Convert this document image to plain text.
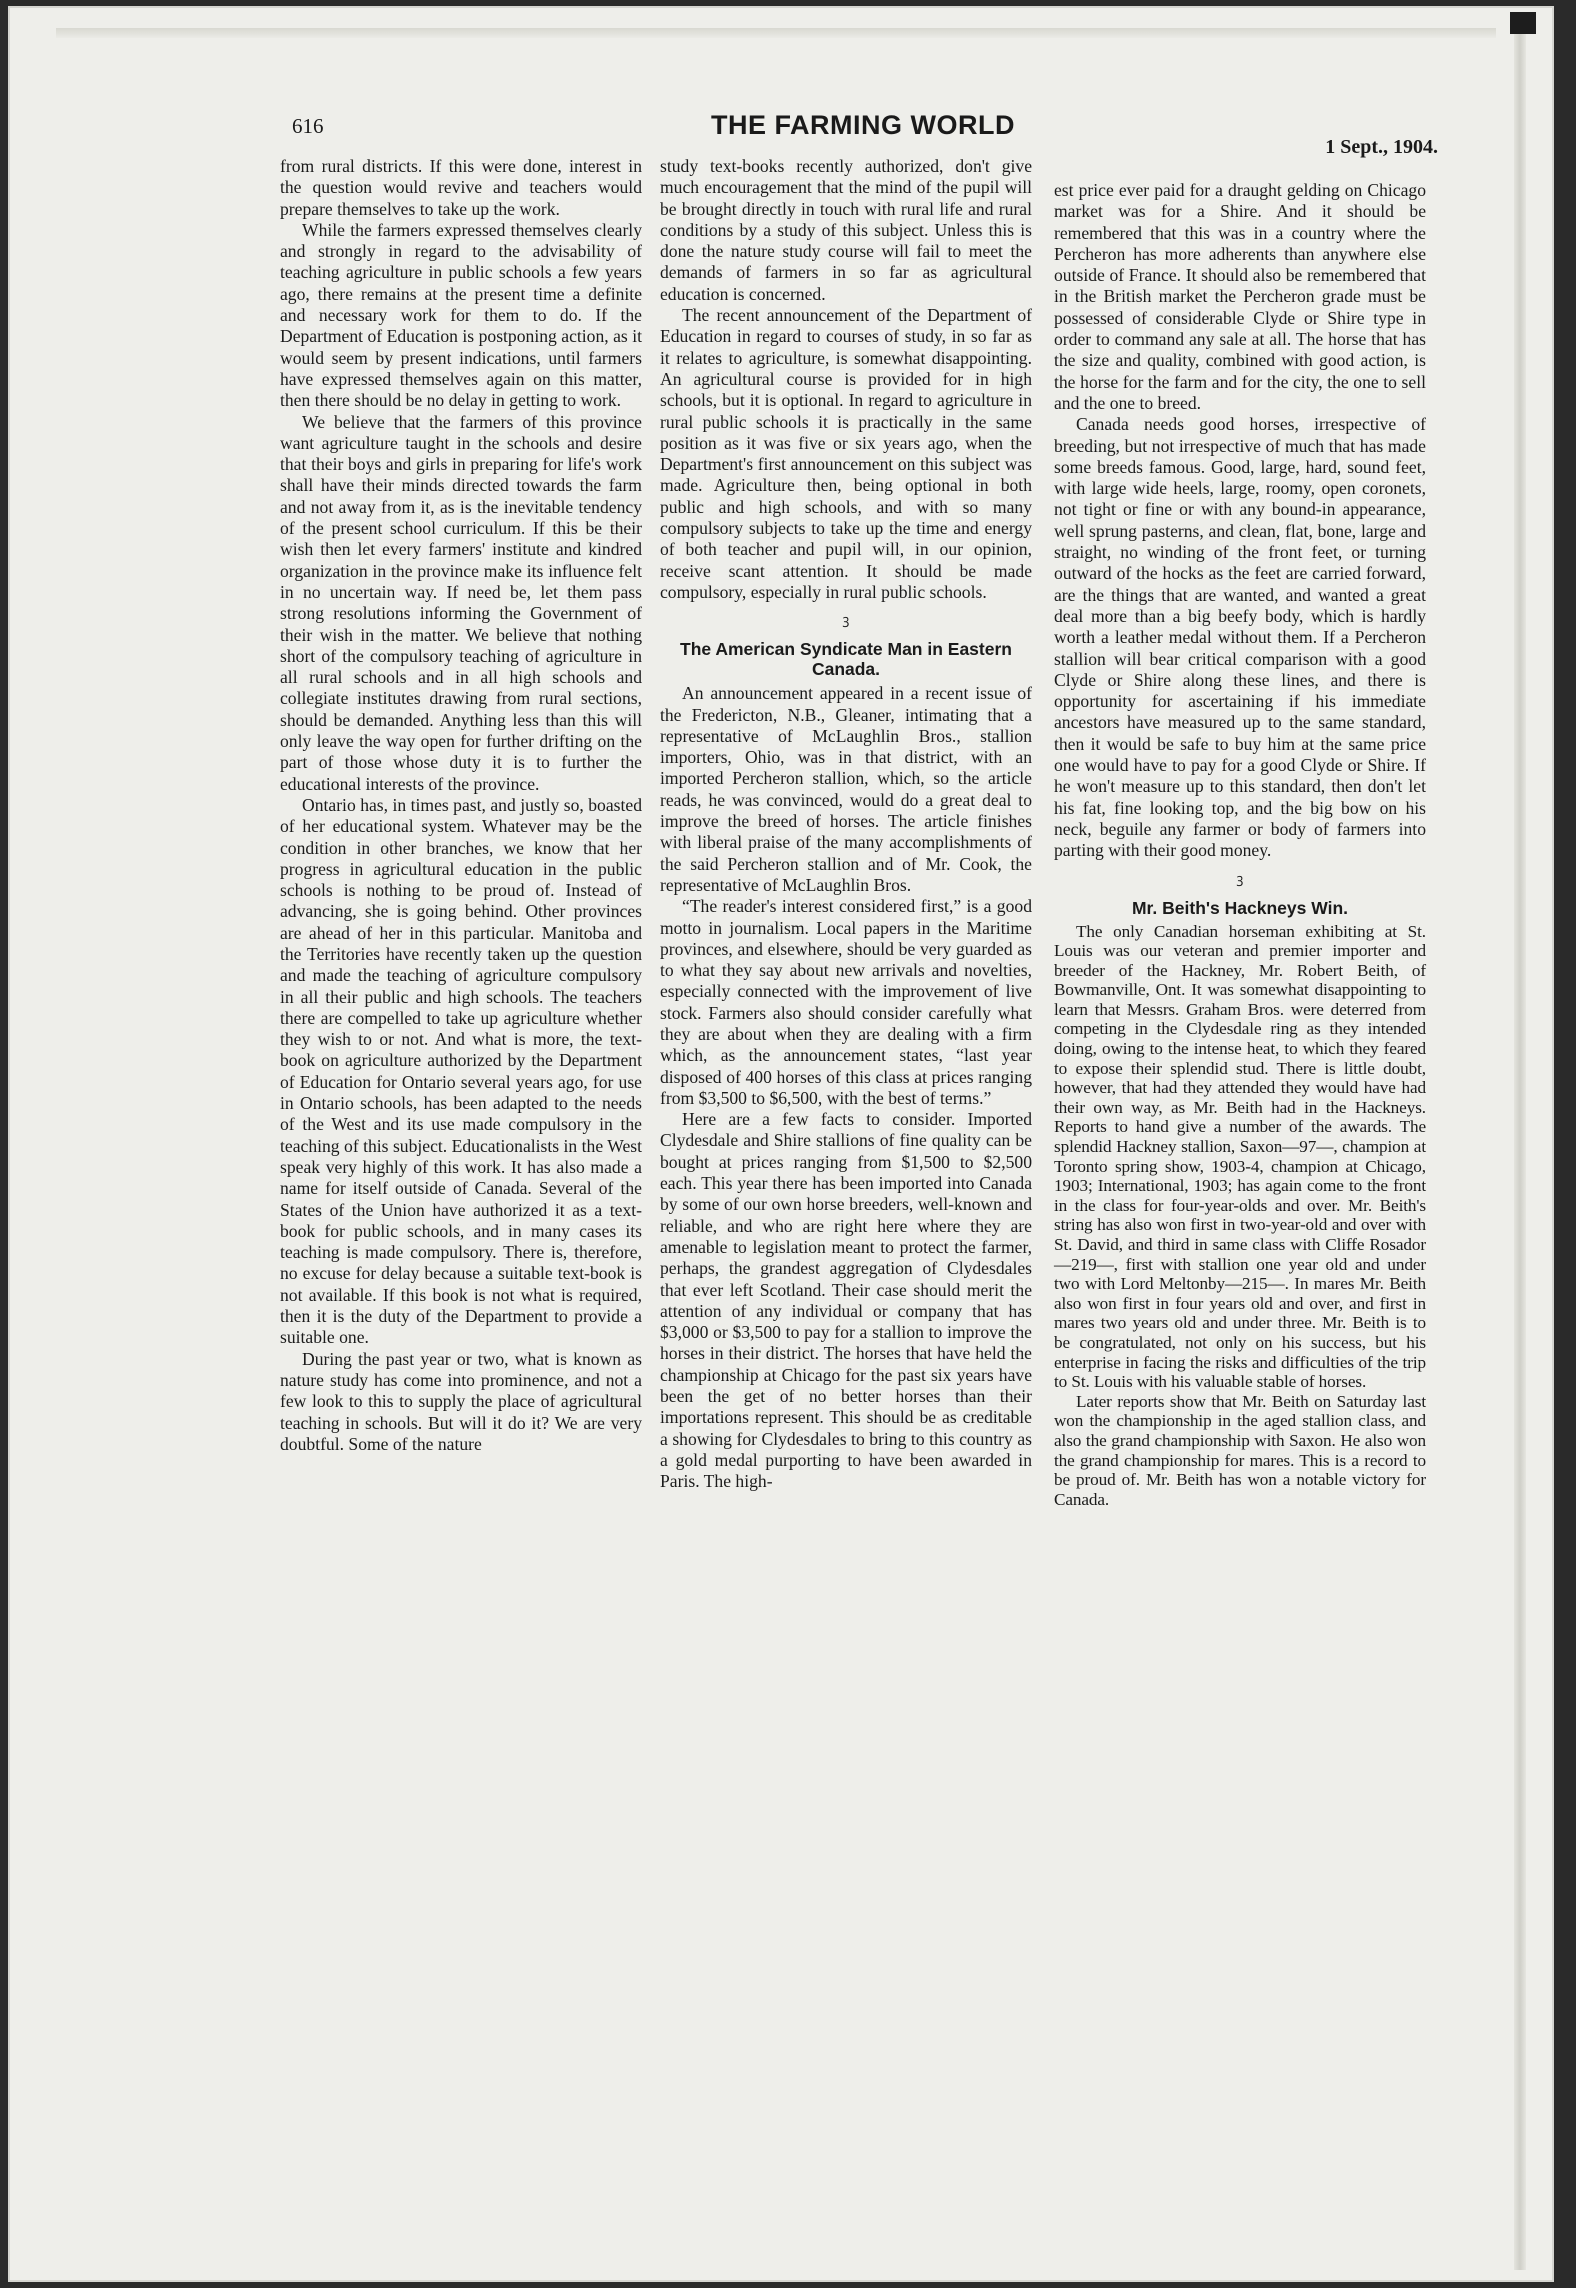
616	THE FARMING WORLD
1 Sept., 1904.

from rural districts. If this were done, interest in the question would revive and teachers would prepare themselves to take up the work.

While the farmers expressed themselves clearly and strongly in regard to the advisability of teaching agriculture in public schools a few years ago, there remains at the present time a definite and necessary work for them to do. If the Department of Education is postponing action, as it would seem by present indications, until farmers have expressed themselves again on this matter, then there should be no delay in getting to work.

We believe that the farmers of this province want agriculture taught in the schools and desire that their boys and girls in preparing for life's work shall have their minds directed towards the farm and not away from it, as is the inevitable tendency of the present school curriculum. If this be their wish then let every farmers' institute and kindred organization in the province make its influence felt in no uncertain way. If need be, let them pass strong resolutions informing the Government of their wish in the matter. We believe that nothing short of the compulsory teaching of agriculture in all rural schools and in all high schools and collegiate institutes drawing from rural sections, should be demanded. Anything less than this will only leave the way open for further drifting on the part of those whose duty it is to further the educational interests of the province.

Ontario has, in times past, and justly so, boasted of her educational system. Whatever may be the condition in other branches, we know that her progress in agricultural education in the public schools is nothing to be proud of. Instead of advancing, she is going behind. Other provinces are ahead of her in this particular. Manitoba and the Territories have recently taken up the question and made the teaching of agriculture compulsory in all their public and high schools. The teachers there are compelled to take up agriculture whether they wish to or not. And what is more, the text-book on agriculture authorized by the Department of Education for Ontario several years ago, for use in Ontario schools, has been adapted to the needs of the West and its use made compulsory in the teaching of this subject. Educationalists in the West speak very highly of this work. It has also made a name for itself outside of Canada. Several of the States of the Union have authorized it as a text-book for public schools, and in many cases its teaching is made compulsory. There is, therefore, no excuse for delay because a suitable text-book is not available. If this book is not what is required, then it is the duty of the Department to provide a suitable one.

During the past year or two, what is known as nature study has come into prominence, and not a few look to this to supply the place of agricultural teaching in schools. But will it do it? We are very doubtful. Some of the nature

study text-books recently authorized, don't give much encouragement that the mind of the pupil will be brought directly in touch with rural life and rural conditions by a study of this subject. Unless this is done the nature study course will fail to meet the demands of farmers in so far as agricultural education is concerned.

The recent announcement of the Department of Education in regard to courses of study, in so far as it relates to agriculture, is somewhat disappointing. An agricultural course is provided for in high schools, but it is optional. In regard to agriculture in rural public schools it is practically in the same position as it was five or six years ago, when the Department's first announcement on this subject was made. Agriculture then, being optional in both public and high schools, and with so many compulsory subjects to take up the time and energy of both teacher and pupil will, in our opinion, receive scant attention. It should be made compulsory, especially in rural public schools.

ꝫ
The American Syndicate Man in Eastern Canada.

An announcement appeared in a recent issue of the Fredericton, N.B., Gleaner, intimating that a representative of McLaughlin Bros., stallion importers, Ohio, was in that district, with an imported Percheron stallion, which, so the article reads, he was convinced, would do a great deal to improve the breed of horses. The article finishes with liberal praise of the many accomplishments of the said Percheron stallion and of Mr. Cook, the representative of McLaughlin Bros.

“The reader's interest considered first,” is a good motto in journalism. Local papers in the Maritime provinces, and elsewhere, should be very guarded as to what they say about new arrivals and novelties, especially connected with the improvement of live stock. Farmers also should consider carefully what they are about when they are dealing with a firm which, as the announcement states, “last year disposed of 400 horses of this class at prices ranging from $3,500 to $6,500, with the best of terms.”

Here are a few facts to consider. Imported Clydesdale and Shire stallions of fine quality can be bought at prices ranging from $1,500 to $2,500 each. This year there has been imported into Canada by some of our own horse breeders, well-known and reliable, and who are right here where they are amenable to legislation meant to protect the farmer, perhaps, the grandest aggregation of Clydesdales that ever left Scotland. Their case should merit the attention of any individual or company that has $3,000 or $3,500 to pay for a stallion to improve the horses in their district. The horses that have held the championship at Chicago for the past six years have been the get of no better horses than their importations represent. This should be as creditable a showing for Clydesdales to bring to this country as a gold medal purporting to have been awarded in Paris. The high-

est price ever paid for a draught gelding on Chicago market was for a Shire. And it should be remembered that this was in a country where the Percheron has more adherents than anywhere else outside of France. It should also be remembered that in the British market the Percheron grade must be possessed of considerable Clyde or Shire type in order to command any sale at all. The horse that has the size and quality, combined with good action, is the horse for the farm and for the city, the one to sell and the one to breed.

Canada needs good horses, irrespective of breeding, but not irrespective of much that has made some breeds famous. Good, large, hard, sound feet, with large wide heels, large, roomy, open coronets, not tight or fine or with any bound-in appearance, well sprung pasterns, and clean, flat, bone, large and straight, no winding of the front feet, or turning outward of the hocks as the feet are carried forward, are the things that are wanted, and wanted a great deal more than a big beefy body, which is hardly worth a leather medal without them. If a Percheron stallion will bear critical comparison with a good Clyde or Shire along these lines, and there is opportunity for ascertaining if his immediate ancestors have measured up to the same standard, then it would be safe to buy him at the same price one would have to pay for a good Clyde or Shire. If he won't measure up to this standard, then don't let his fat, fine looking top, and the big bow on his neck, beguile any farmer or body of farmers into parting with their good money.

ꝫ
Mr. Beith's Hackneys Win.

The only Canadian horseman exhibiting at St. Louis was our veteran and premier importer and breeder of the Hackney, Mr. Robert Beith, of Bowmanville, Ont. It was somewhat disappointing to learn that Messrs. Graham Bros. were deterred from competing in the Clydesdale ring as they intended doing, owing to the intense heat, to which they feared to expose their splendid stud. There is little doubt, however, that had they attended they would have had their own way, as Mr. Beith had in the Hackneys. Reports to hand give a number of the awards. The splendid Hackney stallion, Saxon—97—, champion at Toronto spring show, 1903-4, champion at Chicago, 1903; International, 1903; has again come to the front in the class for four-year-olds and over. Mr. Beith's string has also won first in two-year-old and over with St. David, and third in same class with Cliffe Rosador—219—, first with stallion one year old and under two with Lord Meltonby—215—. In mares Mr. Beith also won first in four years old and over, and first in mares two years old and under three. Mr. Beith is to be congratulated, not only on his success, but his enterprise in facing the risks and difficulties of the trip to St. Louis with his valuable stable of horses.

Later reports show that Mr. Beith on Saturday last won the championship in the aged stallion class, and also the grand championship with Saxon. He also won the grand championship for mares. This is a record to be proud of. Mr. Beith has won a notable victory for Canada.
